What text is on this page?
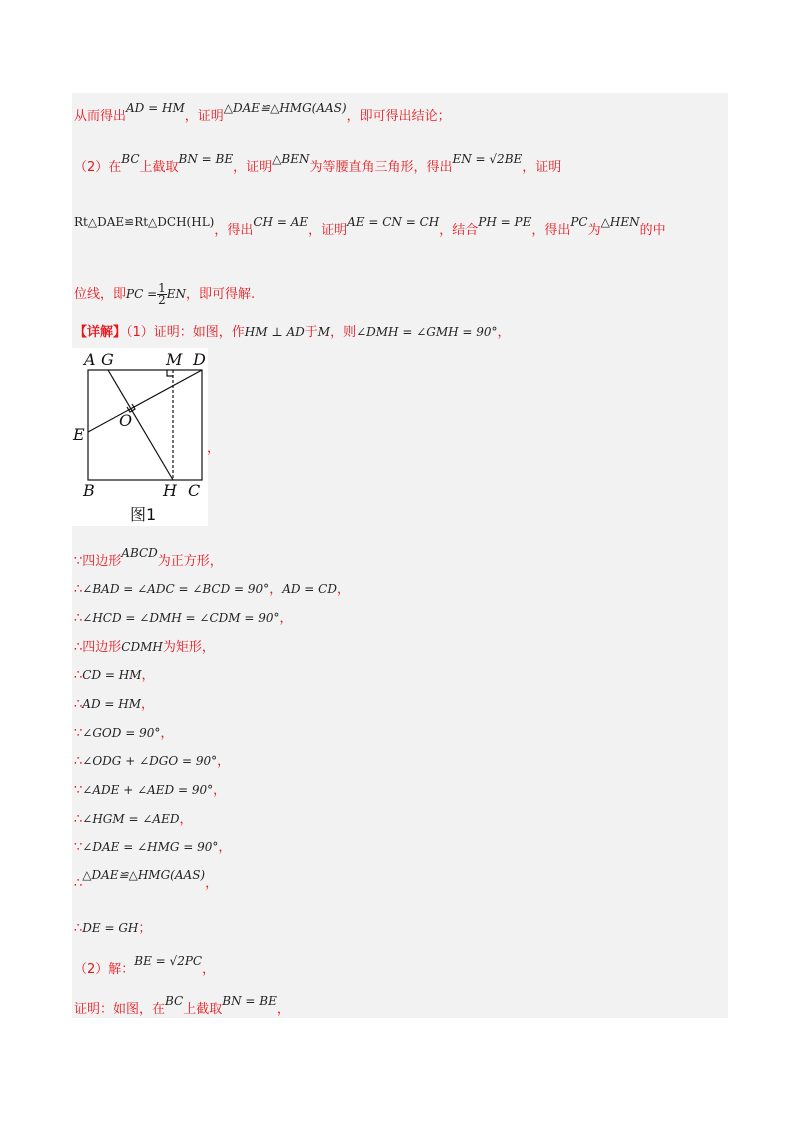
从而得出AD = HM，证明△DAE≌△HMG(AAS)，即可得出结论；
（2）在BC上截取BN = BE，证明△BEN为等腰直角三角形，得出EN = √2BE，证明
Rt△DAE≌Rt△DCH(HL)，得出CH = AE，证明AE = CN = CH，结合PH = PE，得出PC为△HEN的中
位线，即PC = $\frac{1}{2}$ EN，即可得解.
【详解】（1）证明：如图，作HM ⊥ AD于M，则∠DMH = ∠GMH = 90°，
A G	M D
O
E
B	H C
图1
，
∵四边形ABCD为正方形，
∴∠BAD = ∠ADC = ∠BCD = 90°，AD = CD，
∴∠HCD = ∠DMH = ∠CDM = 90°，
∴四边形CDMH为矩形，
∴CD = HM，
∴AD = HM，
∵∠GOD = 90°，
∴∠ODG + ∠DGO = 90°，
∵∠ADE + ∠AED = 90°，
∴∠HGM = ∠AED，
∵∠DAE = ∠HMG = 90°，
∴△DAE≌△HMG(AAS)，
∴DE = GH；
（2）解：BE = √2PC，
证明：如图，在BC上截取BN = BE，
